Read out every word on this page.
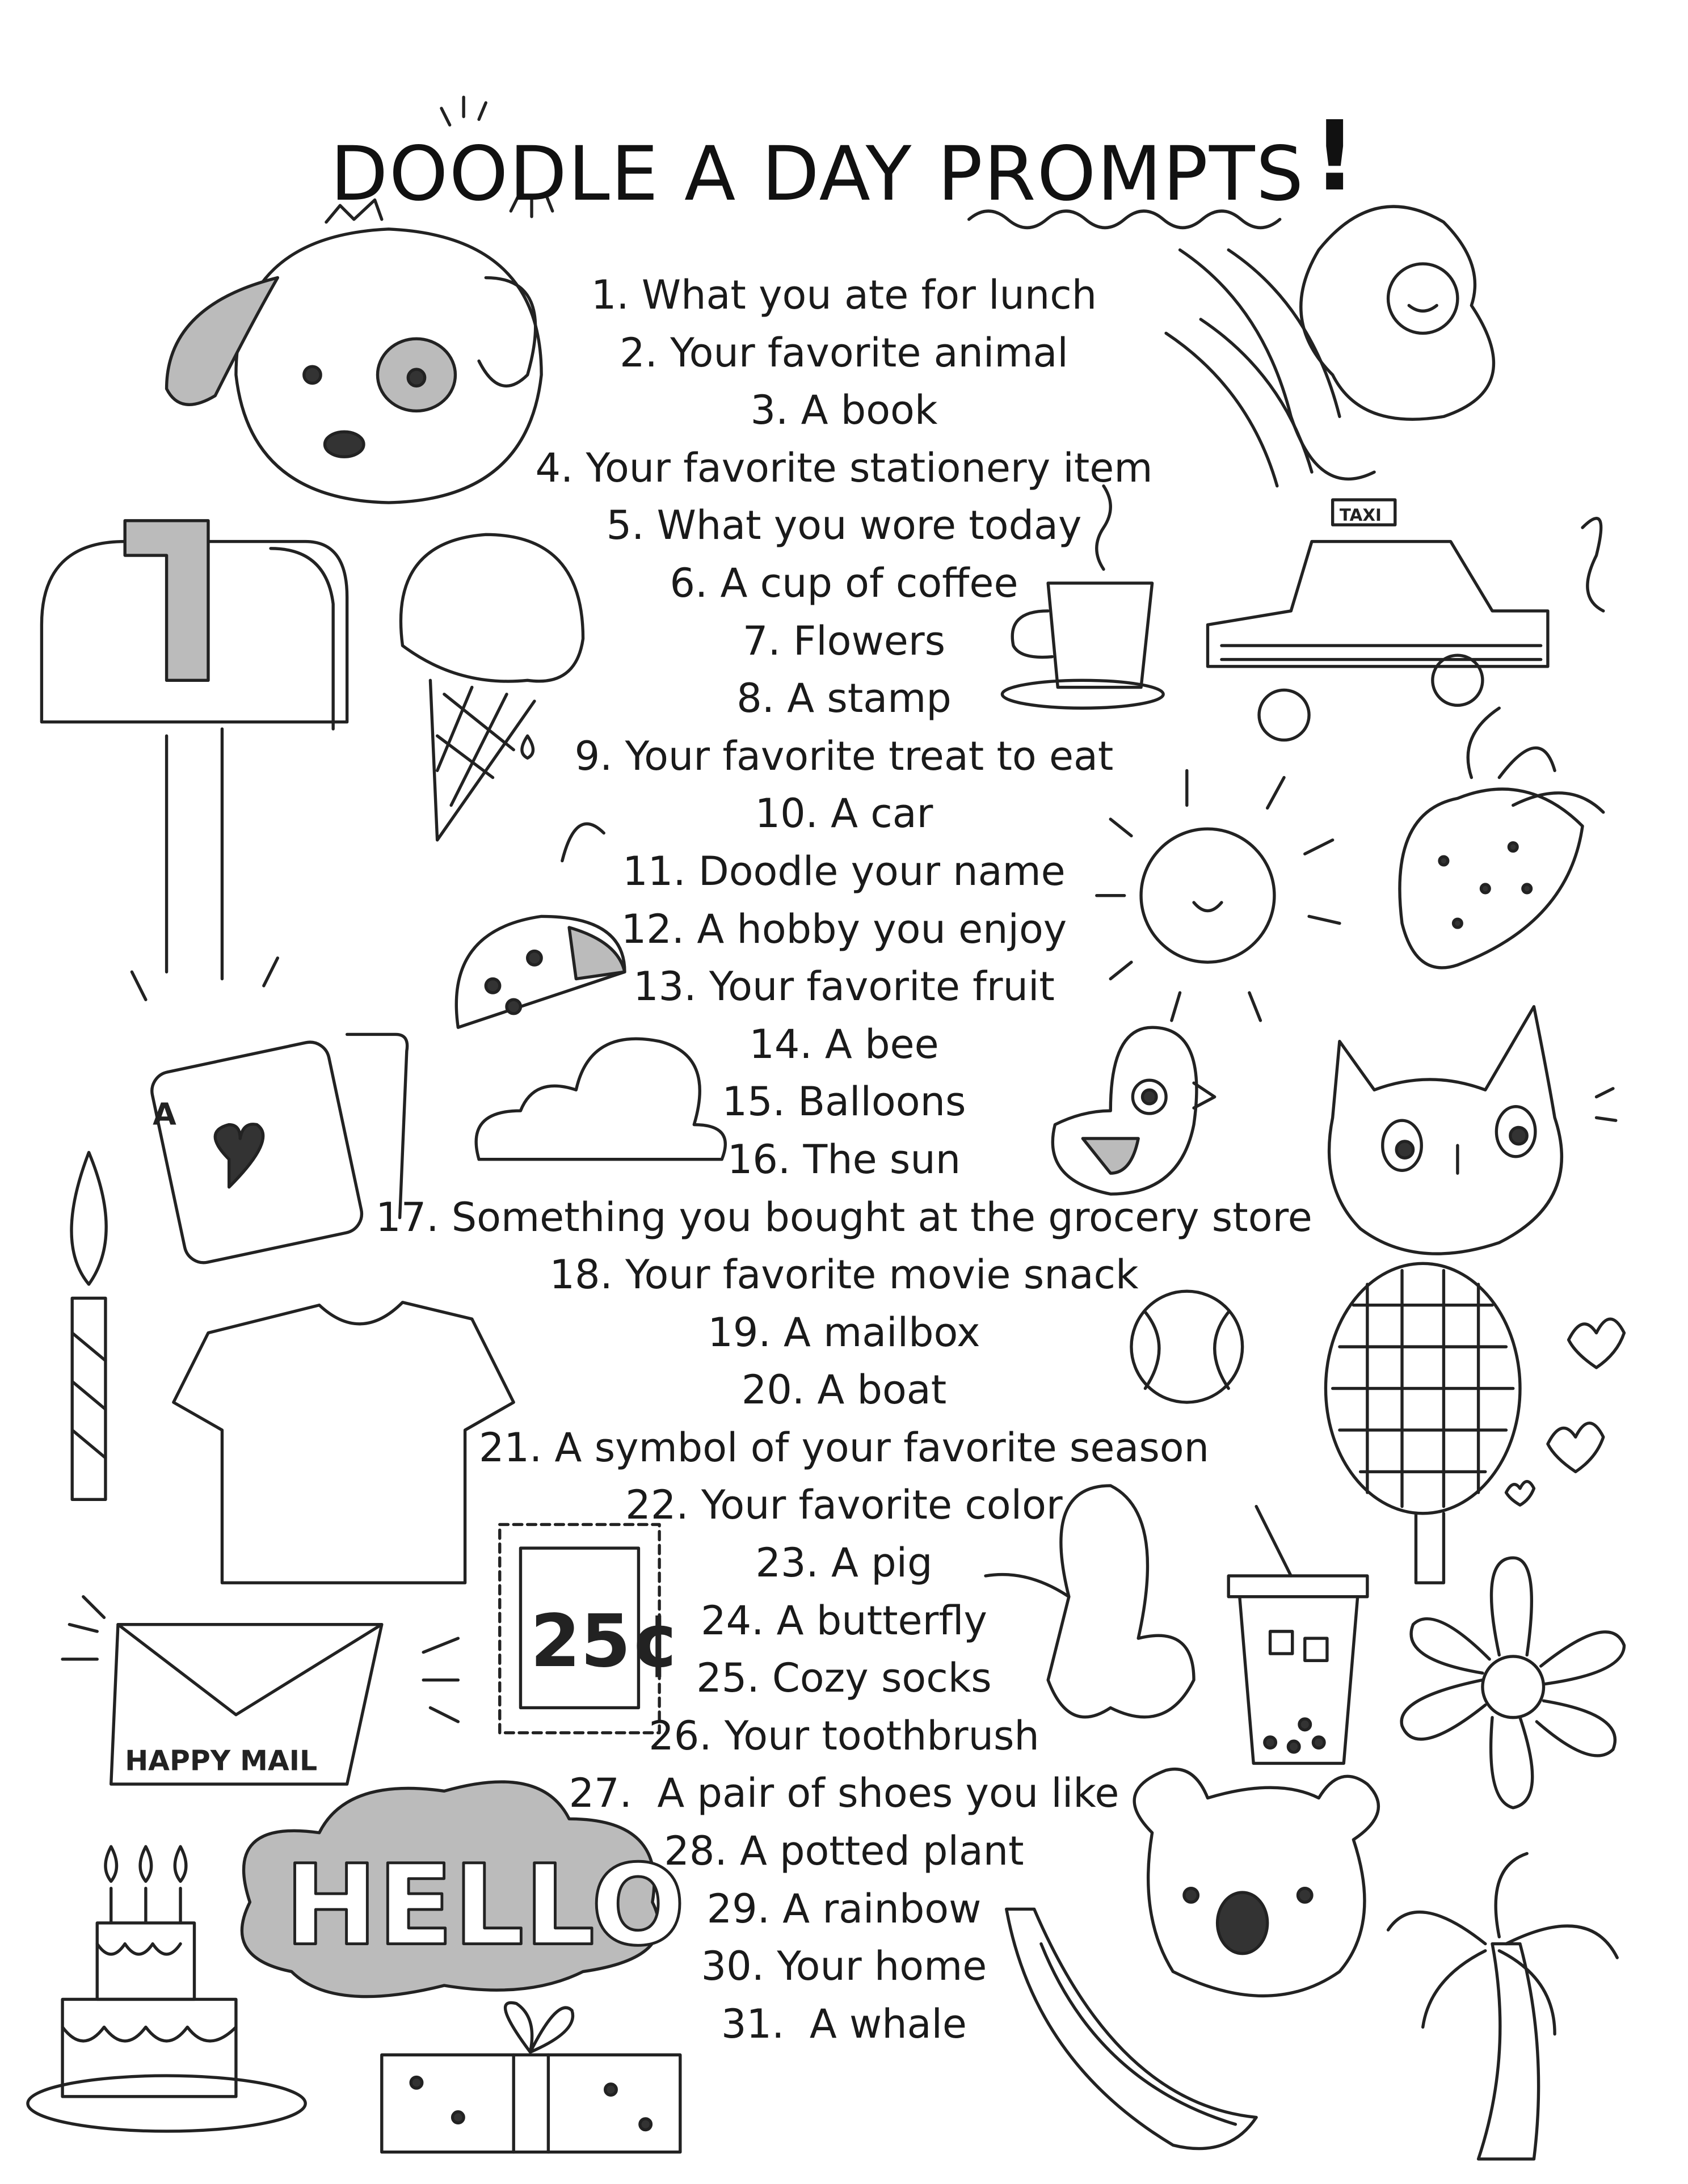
TAXI
A
25¢
HAPPY MAIL
HELLO
DOODLE A DAY PROMPTS!
1. What you ate for lunch
2. Your favorite animal
3. A book
4. Your favorite stationery item
5. What you wore today
6. A cup of coffee
7. Flowers
8. A stamp
9. Your favorite treat to eat
10. A car
11. Doodle your name
12. A hobby you enjoy
13. Your favorite fruit
14. A bee
15. Balloons
16. The sun
17. Something you bought at the grocery store
18. Your favorite movie snack
19. A mailbox
20. A boat
21. A symbol of your favorite season
22. Your favorite color
23. A pig
24. A butterfly
25. Cozy socks
26. Your toothbrush
27.  A pair of shoes you like
28. A potted plant
29. A rainbow
30. Your home
31.  A whale
